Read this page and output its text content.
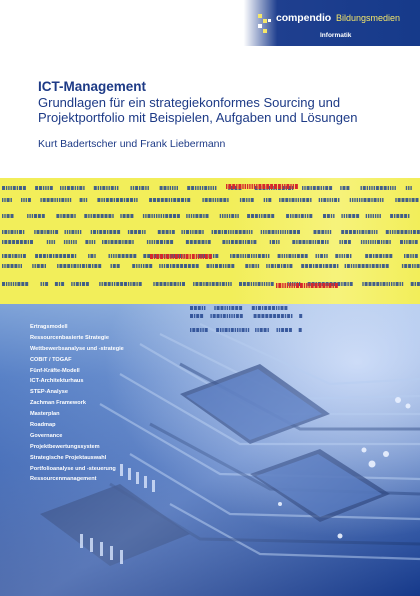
compendio Bildungsmedien
Informatik
ICT-Management
Grundlagen für ein strategiekonformes Sourcing und Projektportfolio mit Beispielen, Aufgaben und Lösungen
Kurt Badertscher und Frank Liebermann
Ertragsmodell
Ressourcenbasierte Strategie
Wettbewerbsanalyse und -strategie
COBIT / TOGAF
Fünf-Kräfte-Modell
ICT-Architekturhaus
STEP-Analyse
Zachman Framework
Masterplan
Roadmap
Governance
Projektbewertungssystem
Strategische Projektauswahl
Portfolioanalyse und -steuerung
Ressourcenmanagement
